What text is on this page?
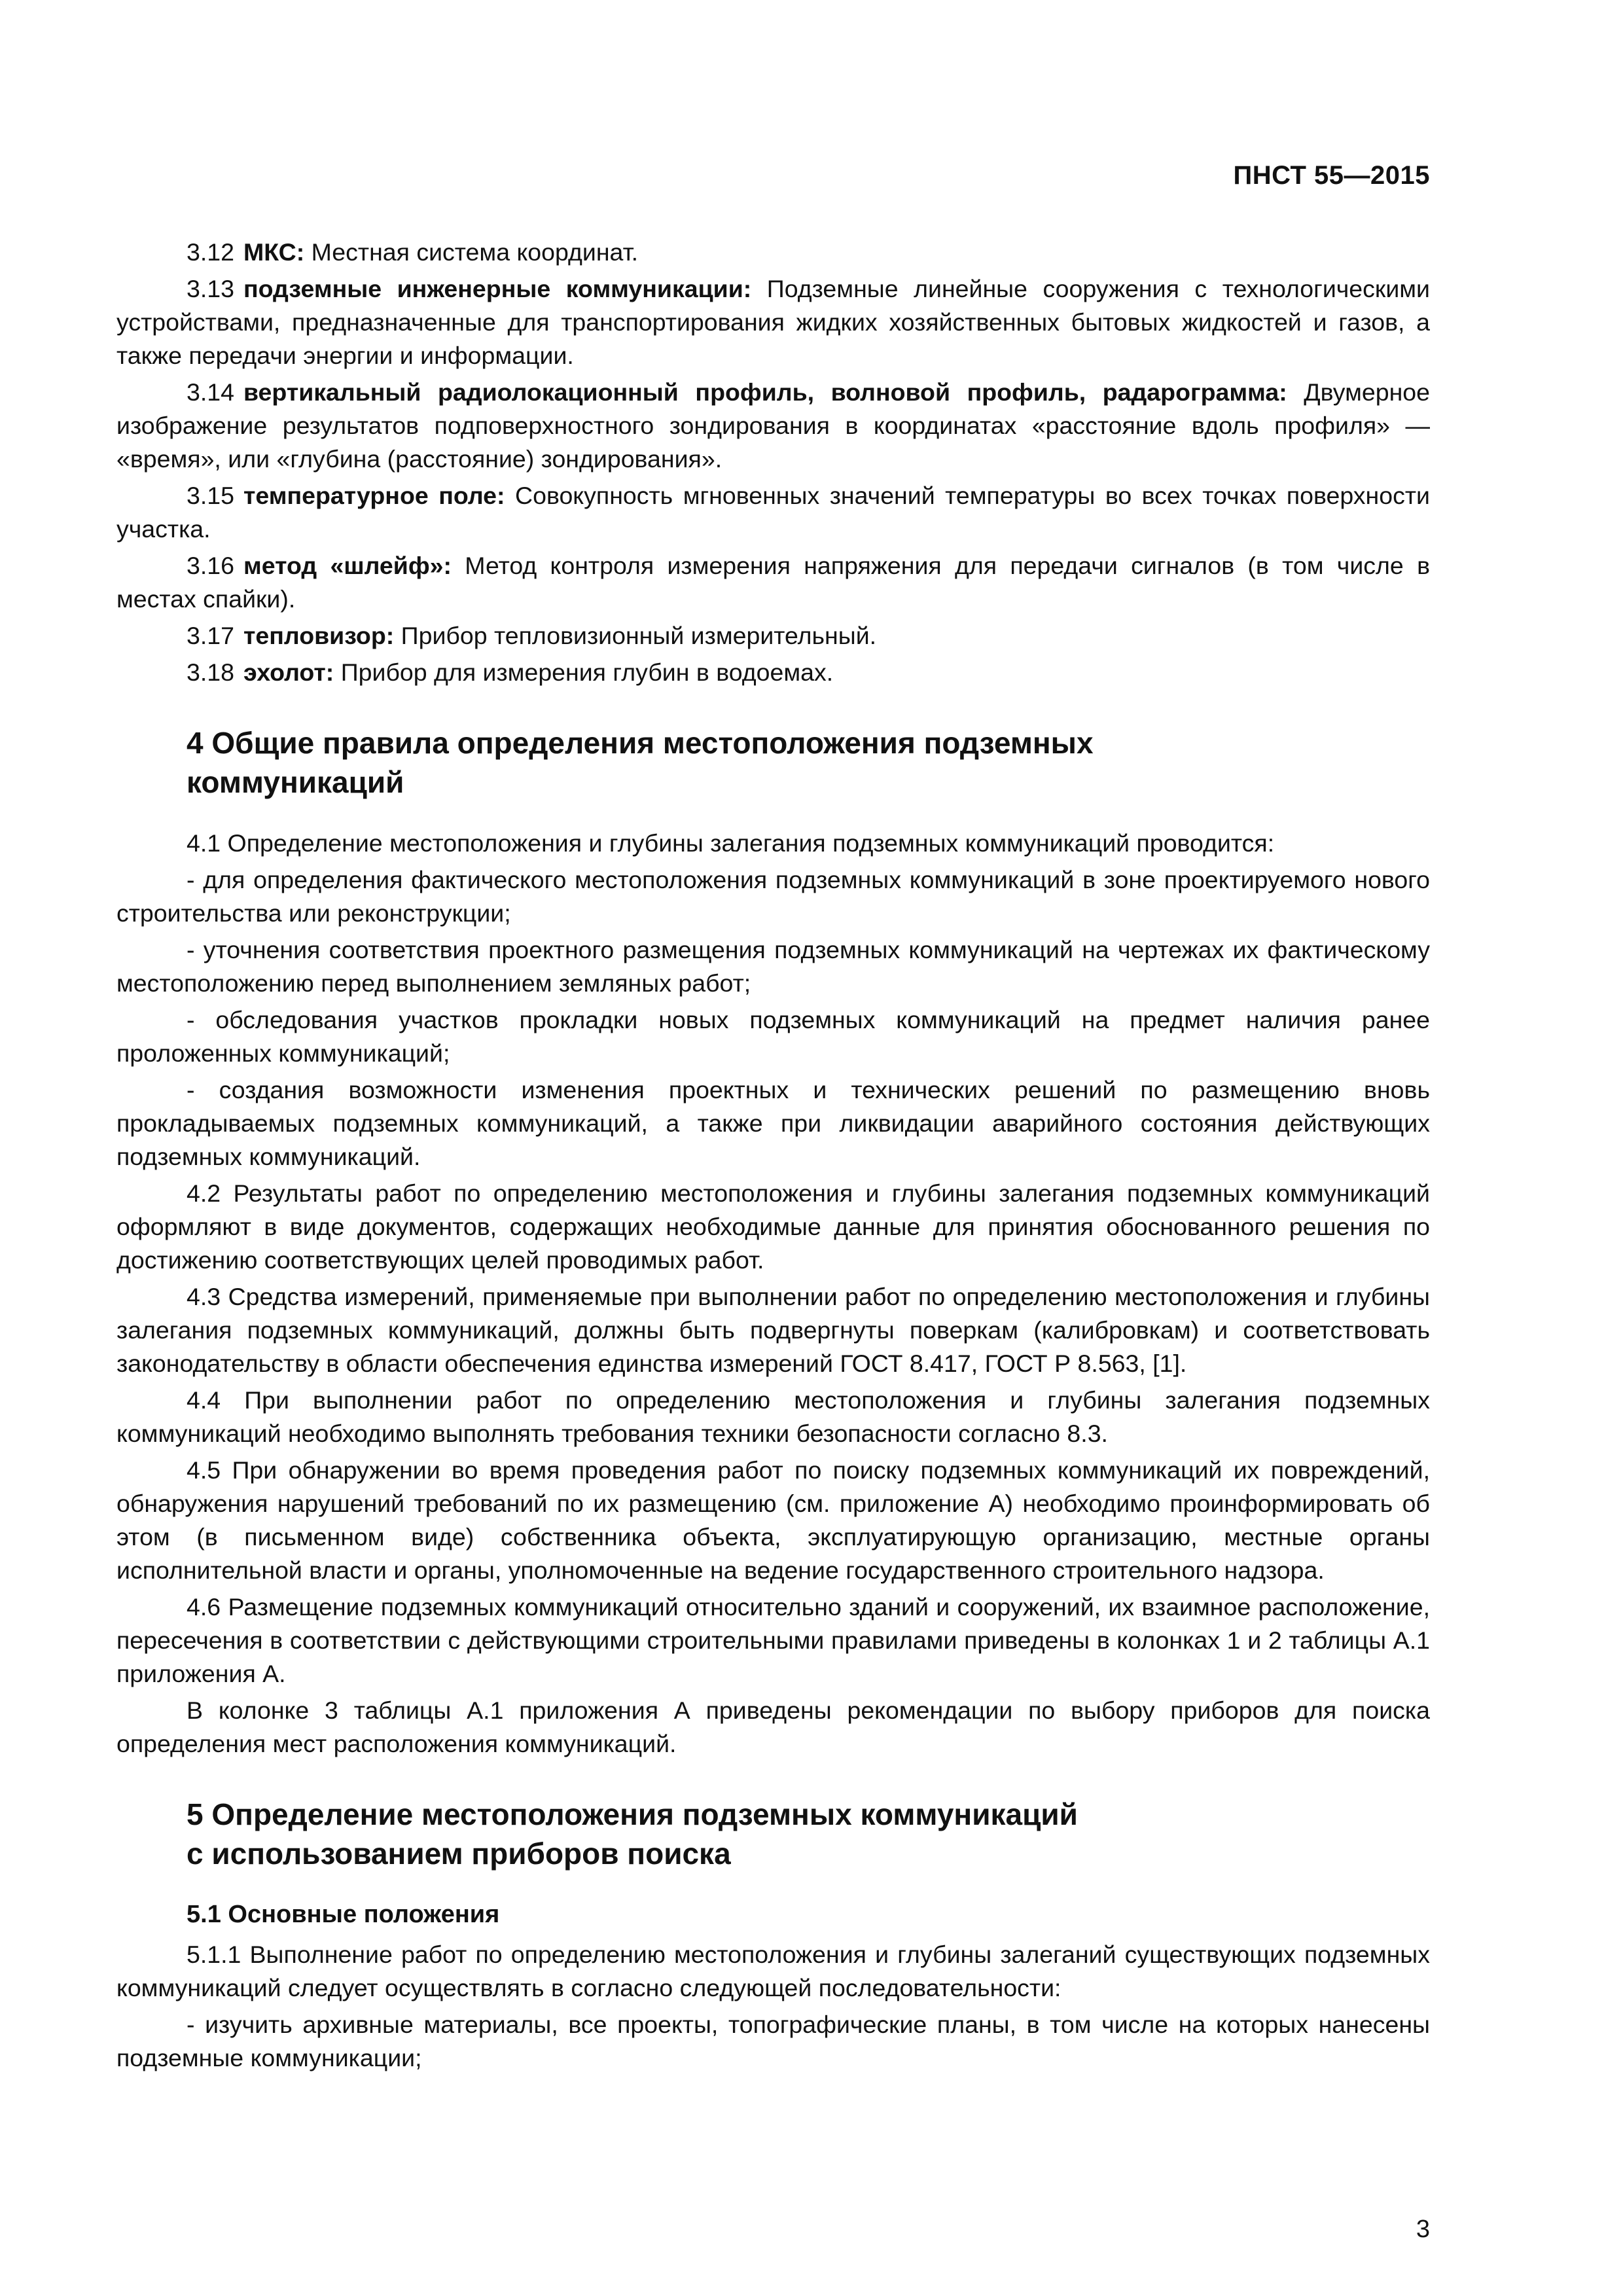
ПНСТ 55—2015
3.12 МКС: Местная система координат.
3.13 подземные инженерные коммуникации: Подземные линейные сооружения с технологическими устройствами, предназначенные для транспортирования жидких хозяйственных бытовых жидкостей и газов, а также передачи энергии и информации.
3.14 вертикальный радиолокационный профиль, волновой профиль, радарограмма: Двумерное изображение результатов подповерхностного зондирования в координатах «расстояние вдоль профиля» — «время», или «глубина (расстояние) зондирования».
3.15 температурное поле: Совокупность мгновенных значений температуры во всех точках поверхности участка.
3.16 метод «шлейф»: Метод контроля измерения напряжения для передачи сигналов (в том числе в местах спайки).
3.17 тепловизор: Прибор тепловизионный измерительный.
3.18 эхолот: Прибор для измерения глубин в водоемах.
4 Общие правила определения местоположения подземных
коммуникаций
4.1 Определение местоположения и глубины залегания подземных коммуникаций проводится:
- для определения фактического местоположения подземных коммуникаций в зоне проектируемого нового строительства или реконструкции;
- уточнения соответствия проектного размещения подземных коммуникаций на чертежах их фактическому местоположению перед выполнением земляных работ;
- обследования участков прокладки новых подземных коммуникаций на предмет наличия ранее проложенных коммуникаций;
- создания возможности изменения проектных и технических решений по размещению вновь прокладываемых подземных коммуникаций, а также при ликвидации аварийного состояния действующих подземных коммуникаций.
4.2 Результаты работ по определению местоположения и глубины залегания подземных коммуникаций оформляют в виде документов, содержащих необходимые данные для принятия обоснованного решения по достижению соответствующих целей проводимых работ.
4.3 Средства измерений, применяемые при выполнении работ по определению местоположения и глубины залегания подземных коммуникаций, должны быть подвергнуты поверкам (калибровкам) и соответствовать законодательству в области обеспечения единства измерений ГОСТ 8.417, ГОСТ Р 8.563, [1].
4.4 При выполнении работ по определению местоположения и глубины залегания подземных коммуникаций необходимо выполнять требования техники безопасности согласно 8.3.
4.5 При обнаружении во время проведения работ по поиску подземных коммуникаций их повреждений, обнаружения нарушений требований по их размещению (см. приложение А) необходимо проинформировать об этом (в письменном виде) собственника объекта, эксплуатирующую организацию, местные органы исполнительной власти и органы, уполномоченные на ведение государственного строительного надзора.
4.6 Размещение подземных коммуникаций относительно зданий и сооружений, их взаимное расположение, пересечения в соответствии с действующими строительными правилами приведены в колонках 1 и 2 таблицы А.1 приложения А.
В колонке 3 таблицы А.1 приложения А приведены рекомендации по выбору приборов для поиска определения мест расположения коммуникаций.
5 Определение местоположения подземных коммуникаций
с использованием приборов поиска
5.1 Основные положения
5.1.1 Выполнение работ по определению местоположения и глубины залеганий существующих подземных коммуникаций следует осуществлять в согласно следующей последовательности:
- изучить архивные материалы, все проекты, топографические планы, в том числе на которых нанесены подземные коммуникации;
3
